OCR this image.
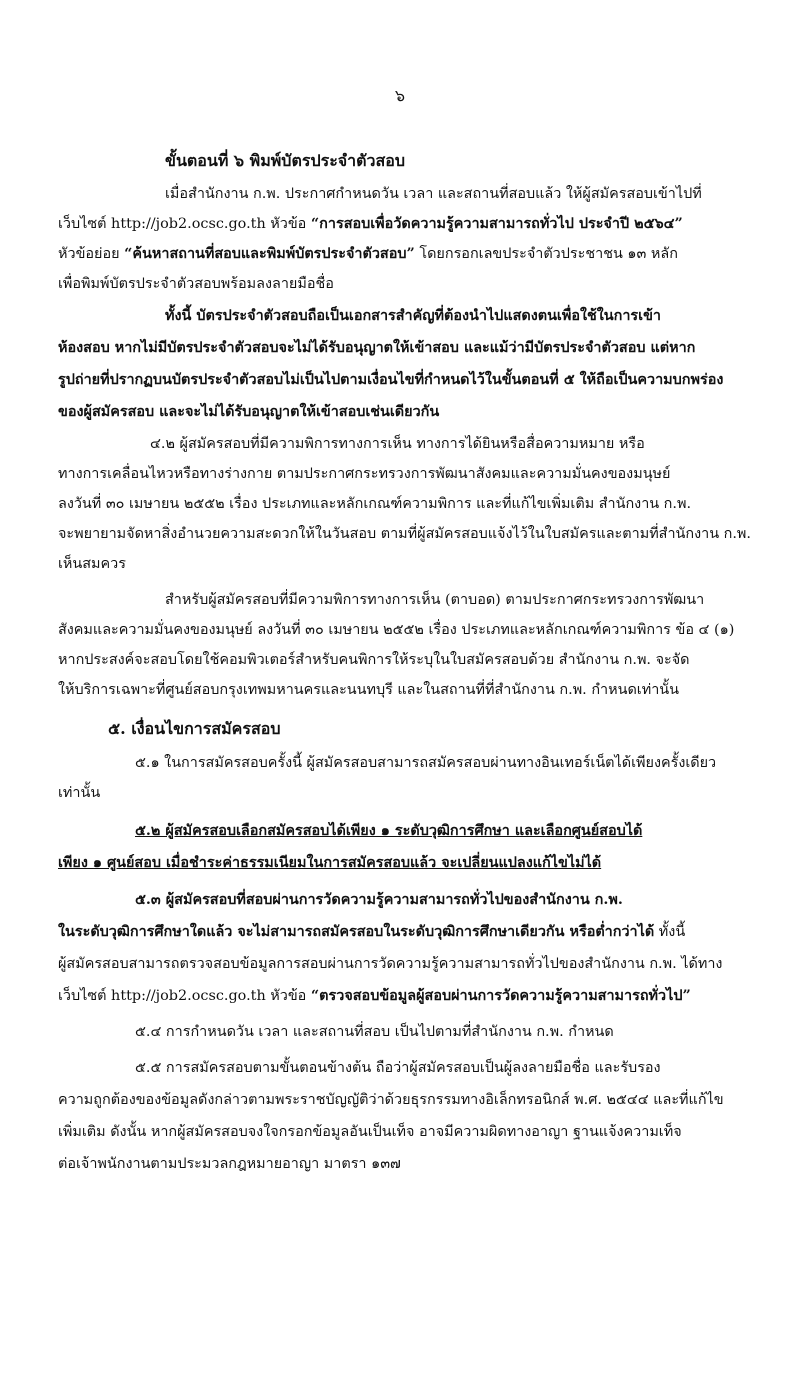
๖
ขั้นตอนที่ ๖ พิมพ์บัตรประจำตัวสอบ
เมื่อสำนักงาน ก.พ. ประกาศกำหนดวัน เวลา และสถานที่สอบแล้ว ให้ผู้สมัครสอบเข้าไปที่
เว็บไซต์ http://job2.ocsc.go.th หัวข้อ “การสอบเพื่อวัดความรู้ความสามารถทั่วไป ประจำปี ๒๕๖๔”
หัวข้อย่อย “ค้นหาสถานที่สอบและพิมพ์บัตรประจำตัวสอบ” โดยกรอกเลขประจำตัวประชาชน ๑๓ หลัก
เพื่อพิมพ์บัตรประจำตัวสอบพร้อมลงลายมือชื่อ
ทั้งนี้ บัตรประจำตัวสอบถือเป็นเอกสารสำคัญที่ต้องนำไปแสดงตนเพื่อใช้ในการเข้า
ห้องสอบ หากไม่มีบัตรประจำตัวสอบจะไม่ได้รับอนุญาตให้เข้าสอบ และแม้ว่ามีบัตรประจำตัวสอบ แต่หาก
รูปถ่ายที่ปรากฏบนบัตรประจำตัวสอบไม่เป็นไปตามเงื่อนไขที่กำหนดไว้ในขั้นตอนที่ ๕ ให้ถือเป็นความบกพร่อง
ของผู้สมัครสอบ และจะไม่ได้รับอนุญาตให้เข้าสอบเช่นเดียวกัน
๔.๒ ผู้สมัครสอบที่มีความพิการทางการเห็น ทางการได้ยินหรือสื่อความหมาย หรือ
ทางการเคลื่อนไหวหรือทางร่างกาย ตามประกาศกระทรวงการพัฒนาสังคมและความมั่นคงของมนุษย์
ลงวันที่ ๓๐ เมษายน ๒๕๕๒ เรื่อง ประเภทและหลักเกณฑ์ความพิการ และที่แก้ไขเพิ่มเติม สำนักงาน ก.พ.
จะพยายามจัดหาสิ่งอำนวยความสะดวกให้ในวันสอบ ตามที่ผู้สมัครสอบแจ้งไว้ในใบสมัครและตามที่สำนักงาน ก.พ.
เห็นสมควร
สำหรับผู้สมัครสอบที่มีความพิการทางการเห็น (ตาบอด) ตามประกาศกระทรวงการพัฒนา
สังคมและความมั่นคงของมนุษย์ ลงวันที่ ๓๐ เมษายน ๒๕๕๒ เรื่อง ประเภทและหลักเกณฑ์ความพิการ ข้อ ๔ (๑)
หากประสงค์จะสอบโดยใช้คอมพิวเตอร์สำหรับคนพิการให้ระบุในใบสมัครสอบด้วย สำนักงาน ก.พ. จะจัด
ให้บริการเฉพาะที่ศูนย์สอบกรุงเทพมหานครและนนทบุรี และในสถานที่ที่สำนักงาน ก.พ. กำหนดเท่านั้น
๕. เงื่อนไขการสมัครสอบ
๕.๑ ในการสมัครสอบครั้งนี้ ผู้สมัครสอบสามารถสมัครสอบผ่านทางอินเทอร์เน็ตได้เพียงครั้งเดียว
เท่านั้น
๕.๒ ผู้สมัครสอบเลือกสมัครสอบได้เพียง ๑ ระดับวุฒิการศึกษา และเลือกศูนย์สอบได้
เพียง ๑ ศูนย์สอบ เมื่อชำระค่าธรรมเนียมในการสมัครสอบแล้ว จะเปลี่ยนแปลงแก้ไขไม่ได้
๕.๓ ผู้สมัครสอบที่สอบผ่านการวัดความรู้ความสามารถทั่วไปของสำนักงาน ก.พ.
ในระดับวุฒิการศึกษาใดแล้ว จะไม่สามารถสมัครสอบในระดับวุฒิการศึกษาเดียวกัน หรือต่ำกว่าได้ ทั้งนี้
ผู้สมัครสอบสามารถตรวจสอบข้อมูลการสอบผ่านการวัดความรู้ความสามารถทั่วไปของสำนักงาน ก.พ. ได้ทาง
เว็บไซต์ http://job2.ocsc.go.th หัวข้อ “ตรวจสอบข้อมูลผู้สอบผ่านการวัดความรู้ความสามารถทั่วไป”
๕.๔ การกำหนดวัน เวลา และสถานที่สอบ เป็นไปตามที่สำนักงาน ก.พ. กำหนด
๕.๕ การสมัครสอบตามขั้นตอนข้างต้น ถือว่าผู้สมัครสอบเป็นผู้ลงลายมือชื่อ และรับรอง
ความถูกต้องของข้อมูลดังกล่าวตามพระราชบัญญัติว่าด้วยธุรกรรมทางอิเล็กทรอนิกส์ พ.ศ. ๒๕๔๔ และที่แก้ไข
เพิ่มเติม ดังนั้น หากผู้สมัครสอบจงใจกรอกข้อมูลอันเป็นเท็จ อาจมีความผิดทางอาญา ฐานแจ้งความเท็จ
ต่อเจ้าพนักงานตามประมวลกฎหมายอาญา มาตรา ๑๓๗
